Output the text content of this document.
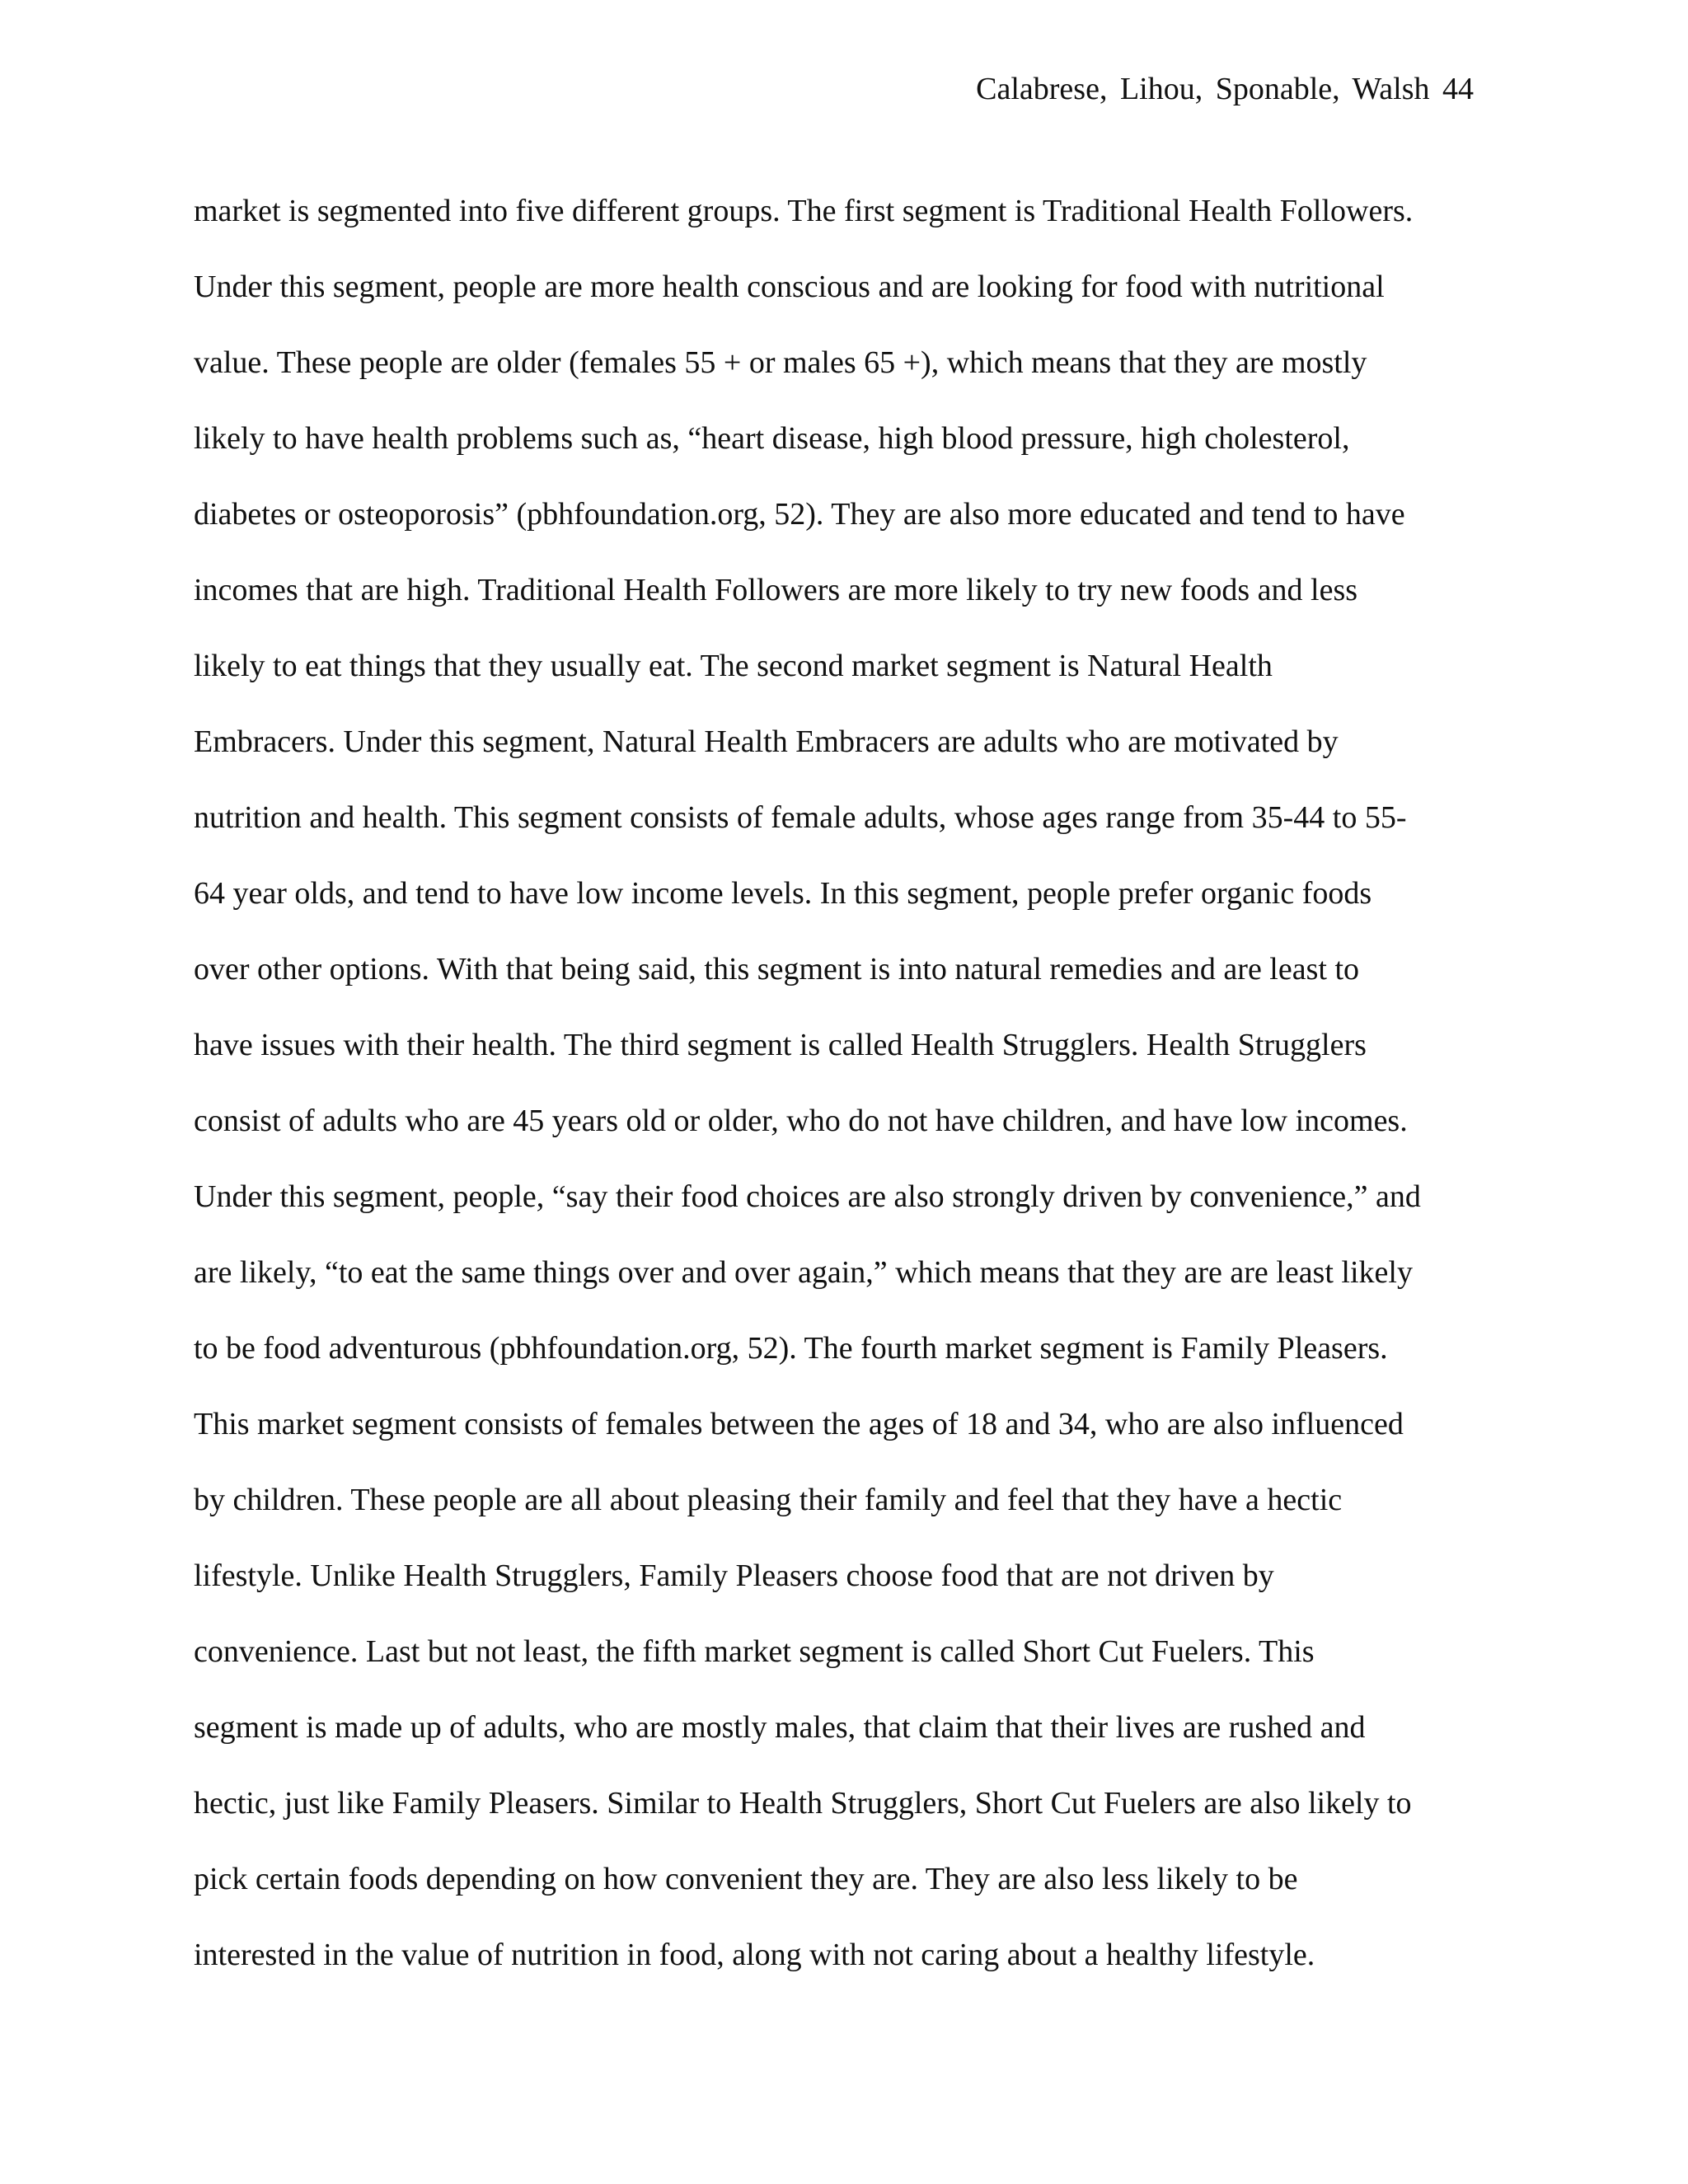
Calabrese, Lihou, Sponable, Walsh 44
market is segmented into five different groups. The first segment is Traditional Health Followers.
Under this segment, people are more health conscious and are looking for food with nutritional
value. These people are older (females 55 + or males 65 +), which means that they are mostly
likely to have health problems such as, “heart disease, high blood pressure, high cholesterol,
diabetes or osteoporosis” (pbhfoundation.org, 52). They are also more educated and tend to have
incomes that are high. Traditional Health Followers are more likely to try new foods and less
likely to eat things that they usually eat. The second market segment is Natural Health
Embracers. Under this segment, Natural Health Embracers are adults who are motivated by
nutrition and health. This segment consists of female adults, whose ages range from 35-44 to 55-
64 year olds, and tend to have low income levels. In this segment, people prefer organic foods
over other options. With that being said, this segment is into natural remedies and are least to
have issues with their health. The third segment is called Health Strugglers. Health Strugglers
consist of adults who are 45 years old or older, who do not have children, and have low incomes.
Under this segment, people, “say their food choices are also strongly driven by convenience,” and
are likely, “to eat the same things over and over again,” which means that they are are least likely
to be food adventurous (pbhfoundation.org, 52). The fourth market segment is Family Pleasers.
This market segment consists of females between the ages of 18 and 34, who are also influenced
by children. These people are all about pleasing their family and feel that they have a hectic
lifestyle. Unlike Health Strugglers, Family Pleasers choose food that are not driven by
convenience. Last but not least, the fifth market segment is called Short Cut Fuelers. This
segment is made up of adults, who are mostly males, that claim that their lives are rushed and
hectic, just like Family Pleasers. Similar to Health Strugglers, Short Cut Fuelers are also likely to
pick certain foods depending on how convenient they are. They are also less likely to be
interested in the value of nutrition in food, along with not caring about a healthy lifestyle.
